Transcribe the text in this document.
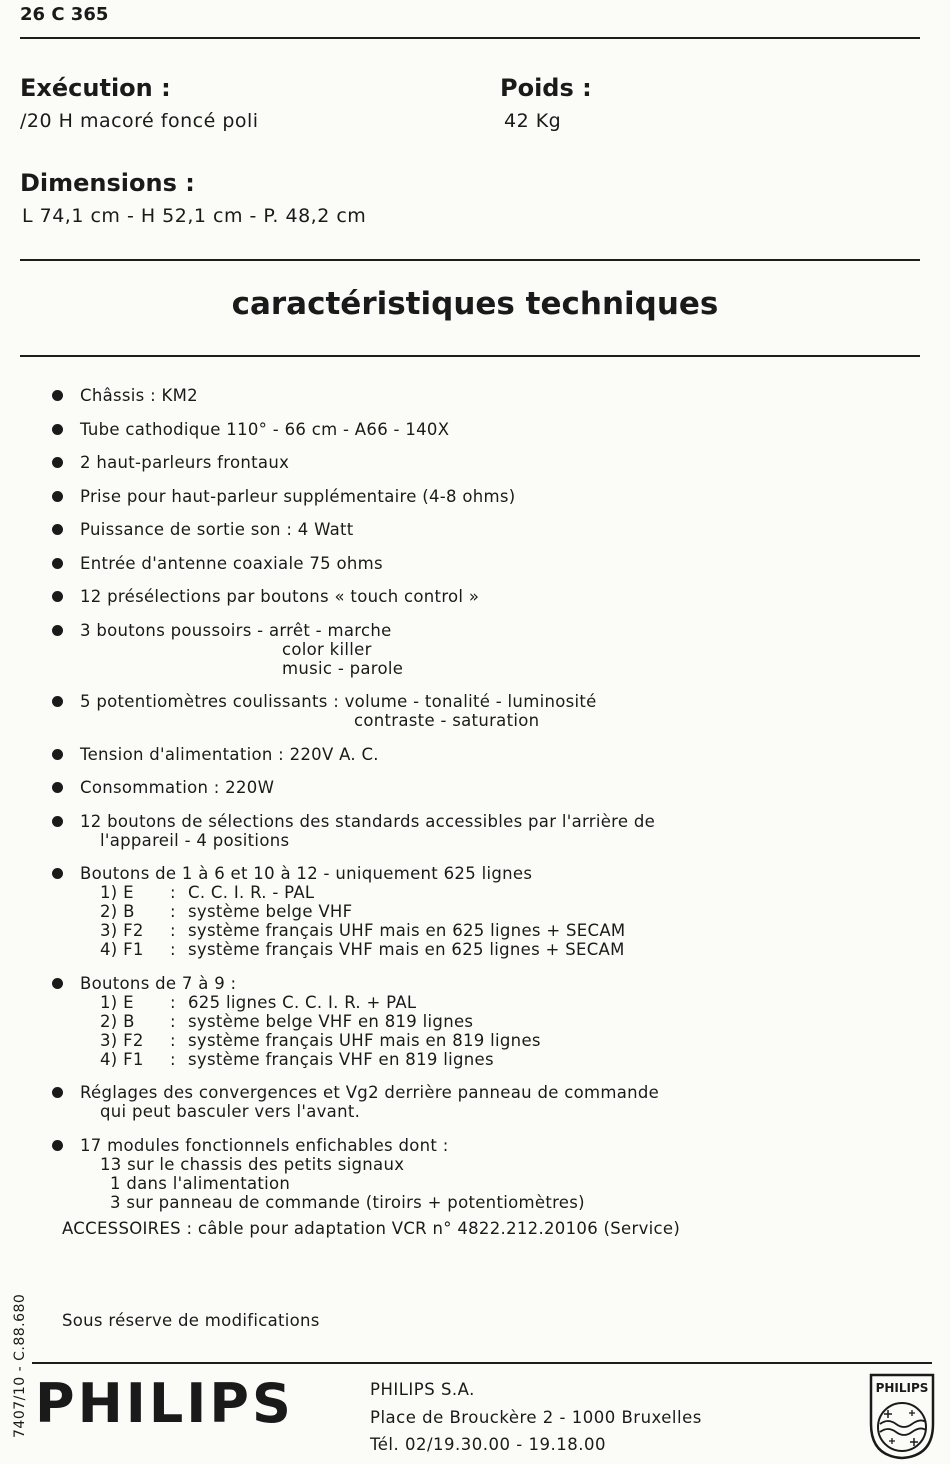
26 C 365
Exécution :
/20 H macoré foncé poli
Poids :
42 Kg
Dimensions :
L 74,1 cm - H 52,1 cm - P. 48,2 cm
caractéristiques techniques
Châssis : KM2
Tube cathodique 110° - 66 cm - A66 - 140X
2 haut-parleurs frontaux
Prise pour haut-parleur supplémentaire (4-8 ohms)
Puissance de sortie son : 4 Watt
Entrée d'antenne coaxiale 75 ohms
12 présélections par boutons « touch control »
3 boutons poussoirs - arrêt - marche
color killer
music - parole
5 potentiomètres coulissants : volume - tonalité - luminosité
contraste - saturation
Tension d'alimentation : 220V A. C.
Consommation : 220W
12 boutons de sélections des standards accessibles par l'arrière de
l'appareil - 4 positions
Boutons de 1 à 6 et 10 à 12 - uniquement 625 lignes
1) E	: C. C. I. R. - PAL
2) B	: système belge VHF
3) F2	: système français UHF mais en 625 lignes + SECAM
4) F1	: système français VHF mais en 625 lignes + SECAM
Boutons de 7 à 9 :
1) E	: 625 lignes C. C. I. R. + PAL
2) B	: système belge VHF en 819 lignes
3) F2	: système français UHF mais en 819 lignes
4) F1	: système français VHF en 819 lignes
Réglages des convergences et Vg2 derrière panneau de commande
qui peut basculer vers l'avant.
17 modules fonctionnels enfichables dont :
13 sur le chassis des petits signaux
1 dans l'alimentation
3 sur panneau de commande (tiroirs + potentiomètres)
ACCESSOIRES : câble pour adaptation VCR n° 4822.212.20106 (Service)
Sous réserve de modifications
7407/10 - C.88.680 PHILIPS	PHILIPS S.A.
Place de Brouckère 2 - 1000 Bruxelles
Tél. 02/19.30.00 - 19.18.00
PHILIPS
